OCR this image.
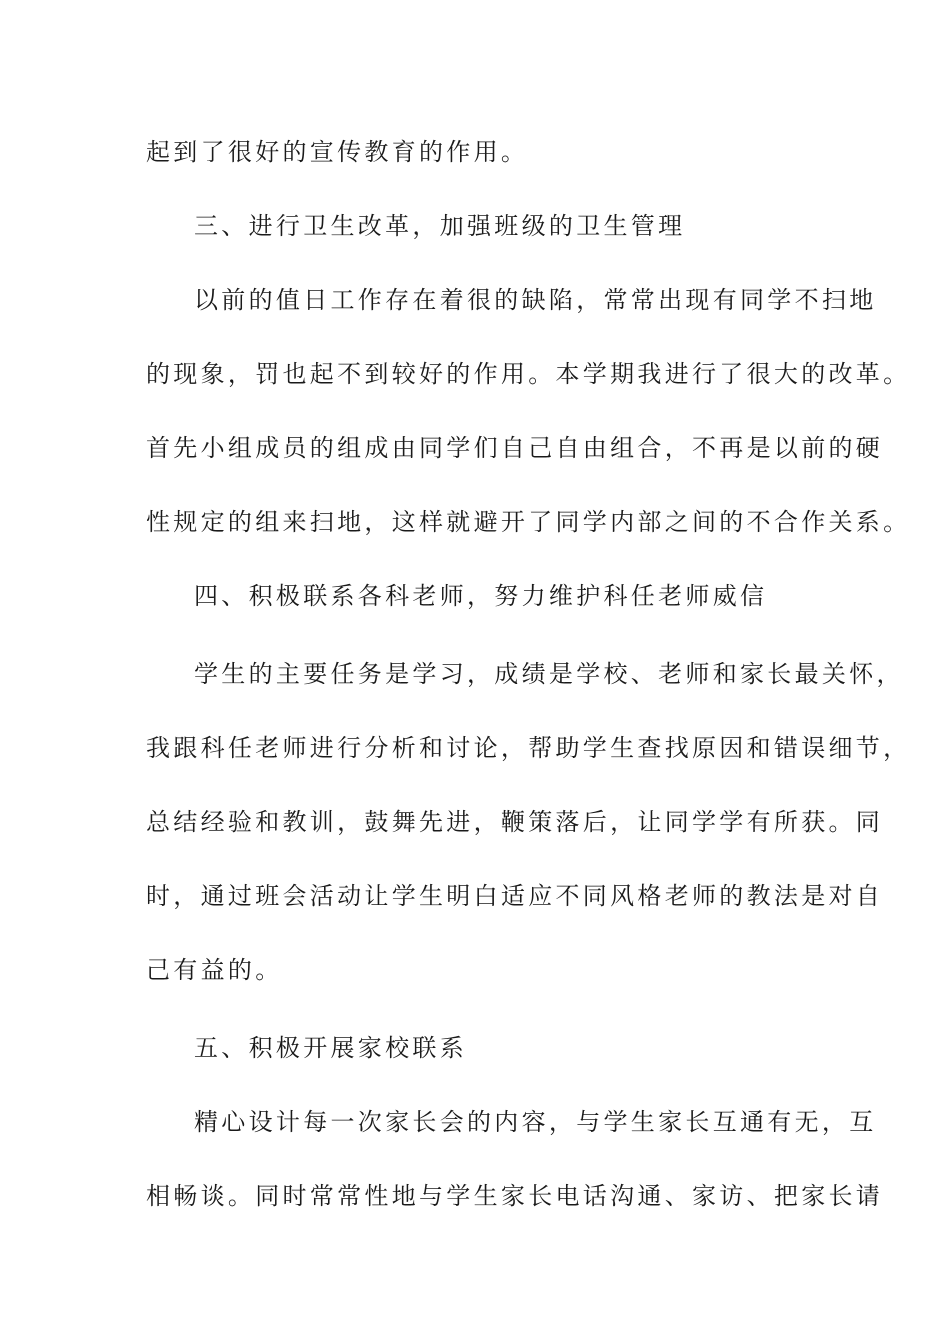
起到了很好的宣传教育的作用。
三、进行卫生改革，加强班级的卫生管理
以前的值日工作存在着很的缺陷，常常出现有同学不扫地
的现象，罚也起不到较好的作用。本学期我进行了很大的改革。
首先小组成员的组成由同学们自己自由组合，不再是以前的硬
性规定的组来扫地，这样就避开了同学内部之间的不合作关系。
四、积极联系各科老师，努力维护科任老师威信
学生的主要任务是学习，成绩是学校、老师和家长最关怀，
我跟科任老师进行分析和讨论，帮助学生查找原因和错误细节，
总结经验和教训，鼓舞先进，鞭策落后，让同学学有所获。同
时，通过班会活动让学生明白适应不同风格老师的教法是对自
己有益的。
五、积极开展家校联系
精心设计每一次家长会的内容，与学生家长互通有无，互
相畅谈。同时常常性地与学生家长电话沟通、家访、把家长请
